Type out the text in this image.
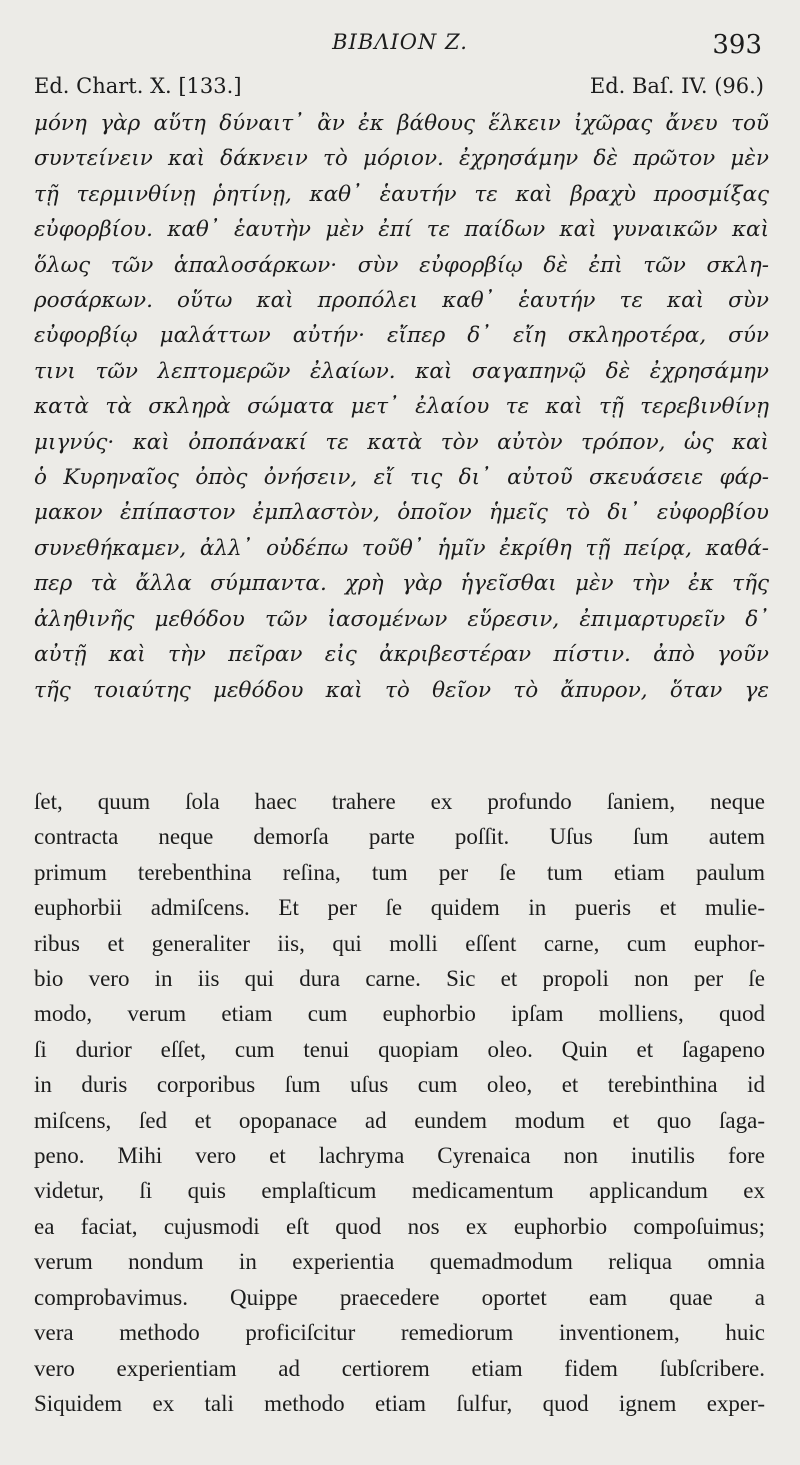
BIBΛION Z.	393
Ed. Chart. X. [133.]	Ed. Baſ. IV. (96.)
μόνη γὰρ αὕτη δύναιτ᾽ ἂν ἐκ βάθους ἕλκειν ἰχῶρας ἄνευ τοῦ
συντείνειν καὶ δάκνειν τὸ μόριον. ἐχρησάμην δὲ πρῶτον μὲν
τῇ τερμινθίνῃ ῥητίνῃ, καθ᾽ ἑαυτήν τε καὶ βραχὺ προσμίξας
εὐφορβίου. καθ᾽ ἑαυτὴν μὲν ἐπί τε παίδων καὶ γυναικῶν καὶ
ὅλως τῶν ἁπαλοσάρκων· σὺν εὐφορβίῳ δὲ ἐπὶ τῶν σκλη-
ροσάρκων. οὕτω καὶ προπόλει καθ᾽ ἑαυτήν τε καὶ σὺν
εὐφορβίῳ μαλάττων αὐτήν· εἴπερ δ᾽ εἴη σκληροτέρα, σύν
τινι τῶν λεπτομερῶν ἐλαίων. καὶ σαγαπηνῷ δὲ ἐχρησάμην
κατὰ τὰ σκληρὰ σώματα μετ᾽ ἐλαίου τε καὶ τῇ τερεβινθίνῃ
μιγνύς· καὶ ὀποπάνακί τε κατὰ τὸν αὐτὸν τρόπον, ὡς καὶ
ὁ Κυρηναῖος ὀπὸς ὀνήσειν, εἴ τις δι᾽ αὐτοῦ σκευάσειε φάρ-
μακον ἐπίπαστον ἐμπλαστὸν, ὁποῖον ἡμεῖς τὸ δι᾽ εὐφορβίου
συνεθήκαμεν, ἀλλ᾽ οὐδέπω τοῦθ᾽ ἡμῖν ἐκρίθη τῇ πείρᾳ, καθά-
περ τὰ ἄλλα σύμπαντα. χρὴ γὰρ ἡγεῖσθαι μὲν τὴν ἐκ τῆς
ἀληθινῆς μεθόδου τῶν ἰασομένων εὕρεσιν, ἐπιμαρτυρεῖν δ᾽
αὐτῇ καὶ τὴν πεῖραν εἰς ἀκριβεστέραν πίστιν. ἀπὸ γοῦν
τῆς τοιαύτης μεθόδου καὶ τὸ θεῖον τὸ ἄπυρον, ὅταν γε
ſet, quum ſola haec trahere ex profundo ſaniem, neque
contracta neque demorſa parte poſſit. Uſus ſum autem
primum terebenthina reſina, tum per ſe tum etiam paulum
euphorbii admiſcens. Et per ſe quidem in pueris et mulie-
ribus et generaliter iis, qui molli eſſent carne, cum euphor-
bio vero in iis qui dura carne. Sic et propoli non per ſe
modo, verum etiam cum euphorbio ipſam molliens, quod
ſi durior eſſet, cum tenui quopiam oleo. Quin et ſagapeno
in duris corporibus ſum uſus cum oleo, et terebinthina id
miſcens, ſed et opopanace ad eundem modum et quo ſaga-
peno. Mihi vero et lachryma Cyrenaica non inutilis fore
videtur, ſi quis emplaſticum medicamentum applicandum ex
ea faciat, cujusmodi eſt quod nos ex euphorbio compoſuimus;
verum nondum in experientia quemadmodum reliqua omnia
comprobavimus. Quippe praecedere oportet eam quae a
vera methodo proficiſcitur remediorum inventionem, huic
vero experientiam ad certiorem etiam fidem ſubſcribere.
Siquidem ex tali methodo etiam ſulfur, quod ignem exper-
